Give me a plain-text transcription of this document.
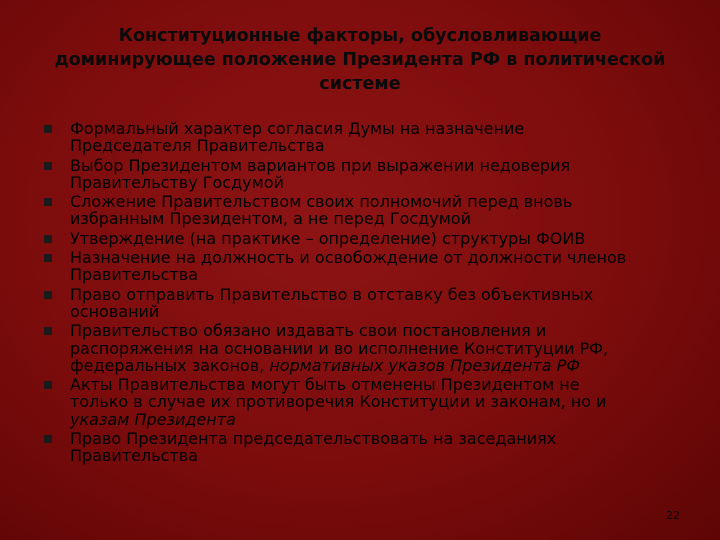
Конституционные факторы, обусловливающие
доминирующее положение Президента РФ в политической
системе
Формальный характер согласия Думы на назначение
Председателя Правительства
Выбор Президентом вариантов при выражении недоверия
Правительству Госдумой
Сложение Правительством своих полномочий перед вновь
избранным Президентом, а не перед Госдумой
Утверждение (на практике – определение) структуры ФОИВ
Назначение на должность и освобождение от должности членов
Правительства
Право отправить Правительство в отставку без объективных
оснований
Правительство обязано издавать свои постановления и
распоряжения на основании и во исполнение Конституции РФ,
федеральных законов, нормативных указов Президента РФ
Акты Правительства могут быть отменены Президентом не
только в случае их противоречия Конституции и законам, но и
указам Президента
Право Президента председательствовать на заседаниях
Правительства
22
